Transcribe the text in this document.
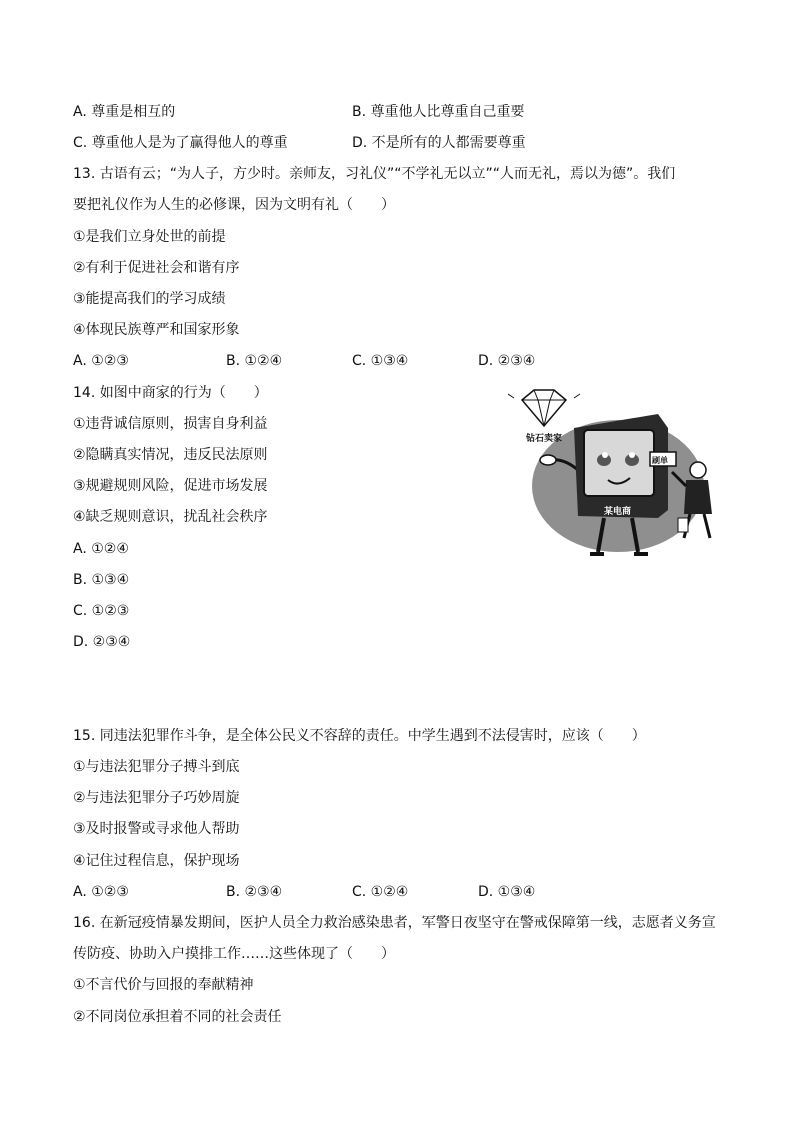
A. 尊重是相互的	B. 尊重他人比尊重自己重要
C. 尊重他人是为了赢得他人的尊重	D. 不是所有的人都需要尊重
13. 古语有云；“为人子，方少时。亲师友，习礼仪”“不学礼无以立”“人而无礼，焉以为德”。我们
要把礼仪作为人生的必修课，因为文明有礼（　　）
①是我们立身处世的前提
②有利于促进社会和谐有序
③能提高我们的学习成绩
④体现民族尊严和国家形象
A. ①②③	B. ①②④	C. ①③④	D. ②③④
14. 如图中商家的行为（　　）
①违背诚信原则，损害自身利益
②隐瞒真实情况，违反民法原则
③规避规则风险，促进市场发展
④缺乏规则意识，扰乱社会秩序
A. ①②④
B. ①③④
C. ①②③
D. ②③④
钻石卖家
某电商
刷单
15. 同违法犯罪作斗争，是全体公民义不容辞的责任。中学生遇到不法侵害时，应该（　　）
①与违法犯罪分子搏斗到底
②与违法犯罪分子巧妙周旋
③及时报警或寻求他人帮助
④记住过程信息，保护现场
A. ①②③	B. ②③④	C. ①②④	D. ①③④
16. 在新冠疫情暴发期间，医护人员全力救治感染患者，军警日夜坚守在警戒保障第一线，志愿者义务宣
传防疫、协助入户摸排工作……这些体现了（　　）
①不言代价与回报的奉献精神
②不同岗位承担着不同的社会责任
